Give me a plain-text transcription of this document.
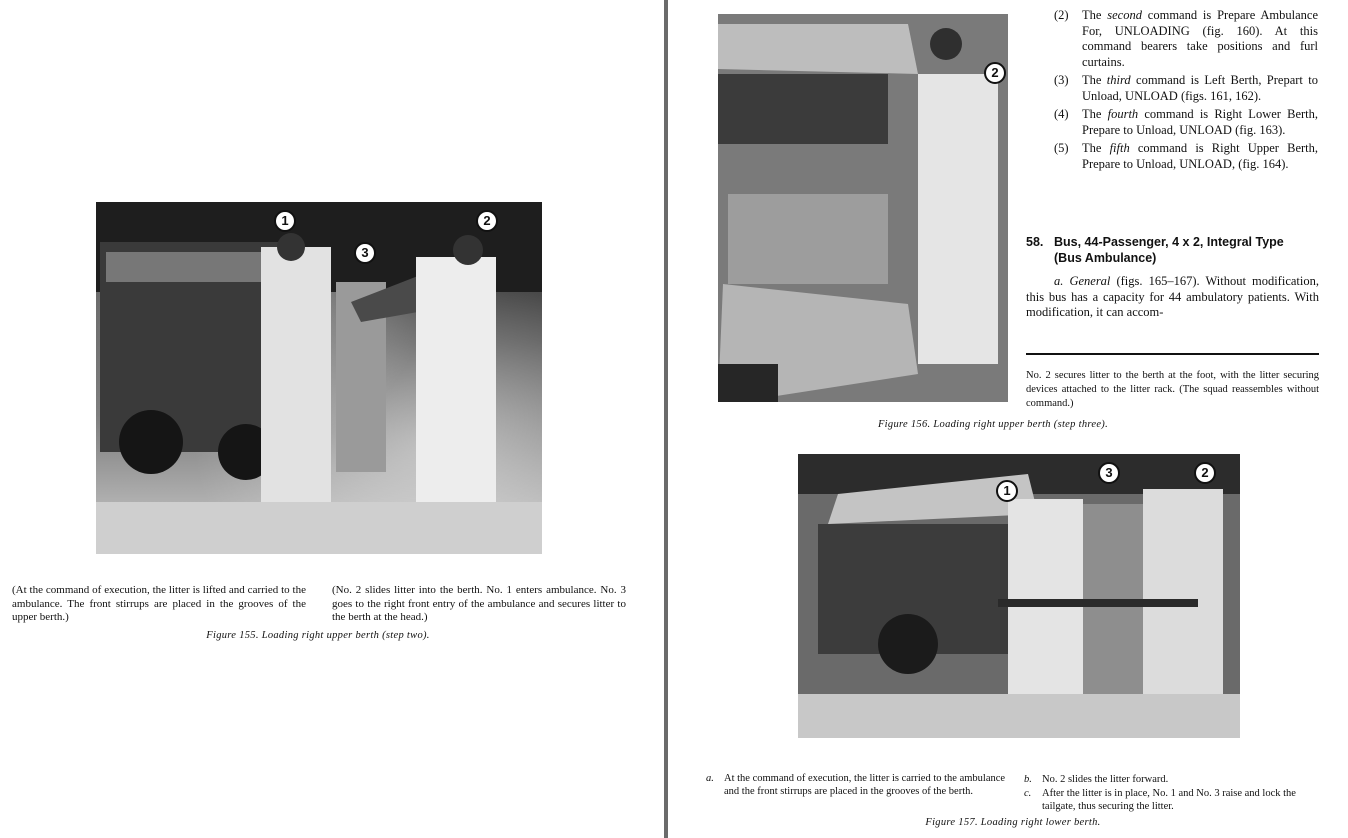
1
3
2
(At the command of execution, the litter is lifted and carried to the ambulance. The front stirrups are placed in the grooves of the upper berth.)
(No. 2 slides litter into the berth. No. 1 enters ambulance. No. 3 goes to the right front entry of the ambulance and secures litter to the berth at the head.)
Figure 155. Loading right upper berth (step two).
2
(2) The second command is Prepare Ambulance For, UNLOADING (fig. 160). At this command bearers take positions and furl curtains.
(3) The third command is Left Berth, Prepart to Unload, UNLOAD (figs. 161, 162).
(4) The fourth command is Right Lower Berth, Prepare to Unload, UNLOAD (fig. 163).
(5) The fifth command is Right Upper Berth, Prepare to Unload, UNLOAD, (fig. 164).
58. Bus, 44-Passenger, 4 x 2, Integral Type
(Bus Ambulance)
a. General (figs. 165–167). Without modification, this bus has a capacity for 44 ambulatory patients. With modification, it can accom-
No. 2 secures litter to the berth at the foot, with the litter securing devices attached to the litter rack. (The squad reassembles without command.)
Figure 156. Loading right upper berth (step three).
1
3	2
a. At the command of execution, the litter is carried to the ambulance and the front stirrups are placed in the grooves of the berth.
b. No. 2 slides the litter forward.
c.	After the litter is in place, No. 1 and No. 3 raise and lock the tailgate, thus securing the litter.
Figure 157. Loading right lower berth.
